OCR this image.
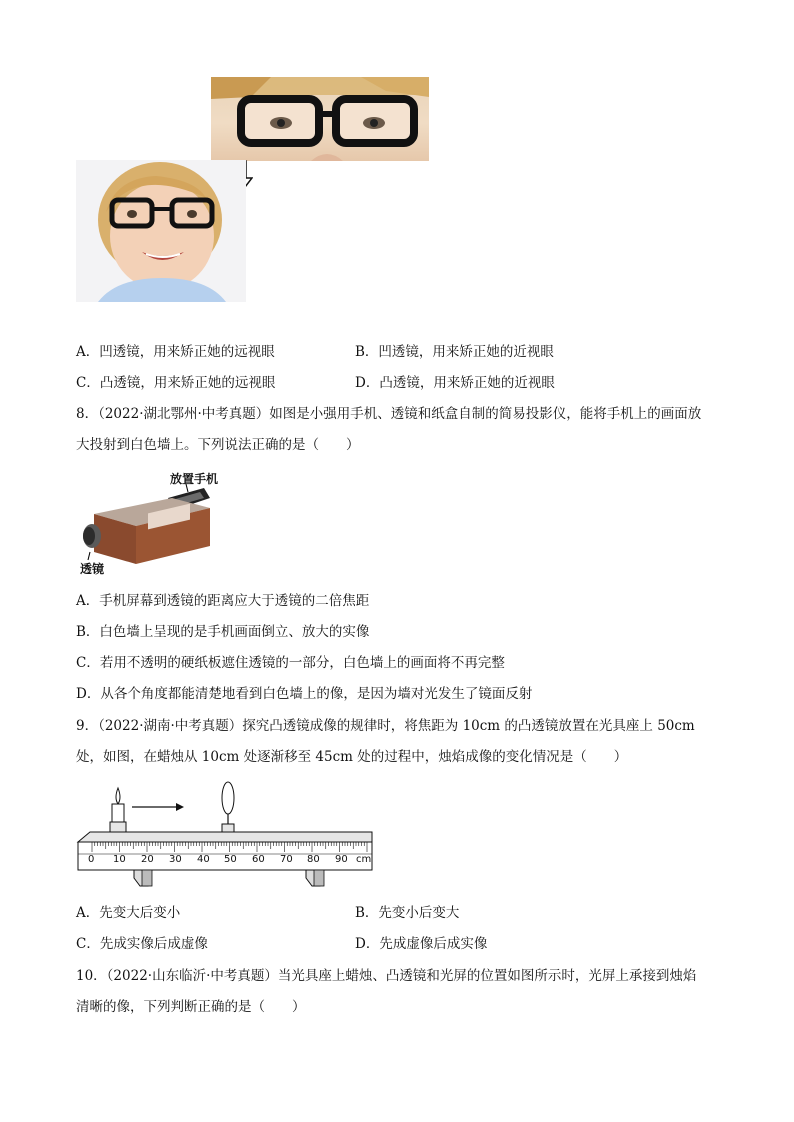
A．凹透镜，用来矫正她的远视眼	B．凹透镜，用来矫正她的近视眼
C．凸透镜，用来矫正她的远视眼	D．凸透镜，用来矫正她的近视眼
8．（2022·湖北鄂州·中考真题）如图是小强用手机、透镜和纸盒自制的简易投影仪，能将手机上的画面放
大投射到白色墙上。下列说法正确的是（　　）
放置手机
透镜
A．手机屏幕到透镜的距离应大于透镜的二倍焦距
B．白色墙上呈现的是手机画面倒立、放大的实像
C．若用不透明的硬纸板遮住透镜的一部分，白色墙上的画面将不再完整
D．从各个角度都能清楚地看到白色墙上的像，是因为墙对光发生了镜面反射
9．（2022·湖南·中考真题）探究凸透镜成像的规律时，将焦距为 10cm 的凸透镜放置在光具座上 50cm
处，如图，在蜡烛从 10cm 处逐渐移至 45cm 处的过程中，烛焰成像的变化情况是（　　）
0 10 20 30 40 50 60 70 80 90 cm
A．先变大后变小	B．先变小后变大
C．先成实像后成虚像	D．先成虚像后成实像
10．（2022·山东临沂·中考真题）当光具座上蜡烛、凸透镜和光屏的位置如图所示时，光屏上承接到烛焰
清晰的像，下列判断正确的是（　　）
